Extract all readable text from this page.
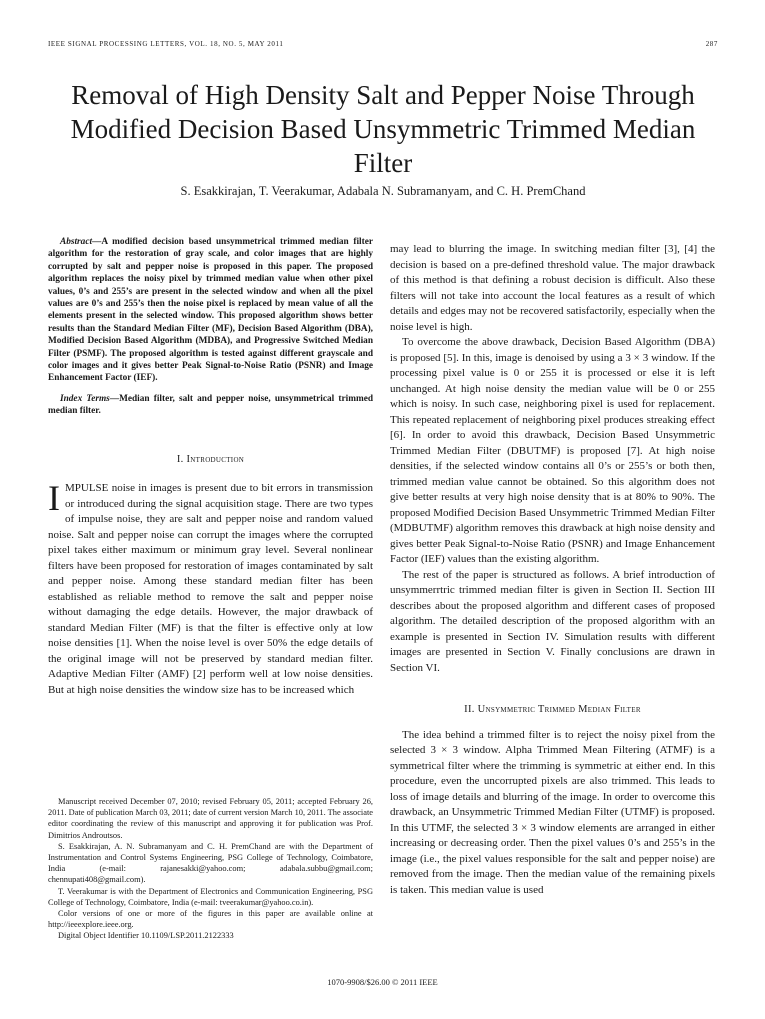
IEEE SIGNAL PROCESSING LETTERS, VOL. 18, NO. 5, MAY 2011	287
Removal of High Density Salt and Pepper Noise Through Modified Decision Based Unsymmetric Trimmed Median Filter
S. Esakkirajan, T. Veerakumar, Adabala N. Subramanyam, and C. H. PremChand

Abstract—A modified decision based unsymmetrical trimmed median filter algorithm for the restoration of gray scale, and color images that are highly corrupted by salt and pepper noise is proposed in this paper. The proposed algorithm replaces the noisy pixel by trimmed median value when other pixel values, 0’s and 255’s are present in the selected window and when all the pixel values are 0’s and 255’s then the noise pixel is replaced by mean value of all the elements present in the selected window. This proposed algorithm shows better results than the Standard Median Filter (MF), Decision Based Algorithm (DBA), Modified Decision Based Algorithm (MDBA), and Progressive Switched Median Filter (PSMF). The proposed algorithm is tested against different grayscale and color images and it gives better Peak Signal-to-Noise Ratio (PSNR) and Image Enhancement Factor (IEF).

Index Terms—Median filter, salt and pepper noise, unsymmetrical trimmed median filter.

I. Introduction

IMPULSE noise in images is present due to bit errors in transmission or introduced during the signal acquisition stage. There are two types of impulse noise, they are salt and pepper noise and random valued noise. Salt and pepper noise can corrupt the images where the corrupted pixel takes either maximum or minimum gray level. Several nonlinear filters have been proposed for restoration of images contaminated by salt and pepper noise. Among these standard median filter has been established as reliable method to remove the salt and pepper noise without damaging the edge details. However, the major drawback of standard Median Filter (MF) is that the filter is effective only at low noise densities [1]. When the noise level is over 50% the edge details of the original image will not be preserved by standard median filter. Adaptive Median Filter (AMF) [2] perform well at low noise densities. But at high noise densities the window size has to be increased which

Manuscript received December 07, 2010; revised February 05, 2011; accepted February 26, 2011. Date of publication March 03, 2011; date of current version March 10, 2011. The associate editor coordinating the review of this manuscript and approving it for publication was Prof. Dimitrios Androutsos.

S. Esakkirajan, A. N. Subramanyam and C. H. PremChand are with the Department of Instrumentation and Control Systems Engineering, PSG College of Technology, Coimbatore, India (e-mail: rajanesakki@yahoo.com; adabala.subbu@gmail.com; chennupati408@gmail.com).

T. Veerakumar is with the Department of Electronics and Communication Engineering, PSG College of Technology, Coimbatore, India (e-mail: tveerakumar@yahoo.co.in).

Color versions of one or more of the figures in this paper are available online at http://ieeexplore.ieee.org.

Digital Object Identifier 10.1109/LSP.2011.2122333

may lead to blurring the image. In switching median filter [3], [4] the decision is based on a pre-defined threshold value. The major drawback of this method is that defining a robust decision is difficult. Also these filters will not take into account the local features as a result of which details and edges may not be recovered satisfactorily, especially when the noise level is high.

To overcome the above drawback, Decision Based Algorithm (DBA) is proposed [5]. In this, image is denoised by using a 3 × 3 window. If the processing pixel value is 0 or 255 it is processed or else it is left unchanged. At high noise density the median value will be 0 or 255 which is noisy. In such case, neighboring pixel is used for replacement. This repeated replacement of neighboring pixel produces streaking effect [6]. In order to avoid this drawback, Decision Based Unsymmetric Trimmed Median Filter (DBUTMF) is proposed [7]. At high noise densities, if the selected window contains all 0’s or 255’s or both then, trimmed median value cannot be obtained. So this algorithm does not give better results at very high noise density that is at 80% to 90%. The proposed Modified Decision Based Unsymmetric Trimmed Median Filter (MDBUTMF) algorithm removes this drawback at high noise density and gives better Peak Signal-to-Noise Ratio (PSNR) and Image Enhancement Factor (IEF) values than the existing algorithm.

The rest of the paper is structured as follows. A brief introduction of unsymmerrtric trimmed median filter is given in Section II. Section III describes about the proposed algorithm and different cases of proposed algorithm. The detailed description of the proposed algorithm with an example is presented in Section IV. Simulation results with different images are presented in Section V. Finally conclusions are drawn in Section VI.

II. Unsymmetric Trimmed Median Filter

The idea behind a trimmed filter is to reject the noisy pixel from the selected 3 × 3 window. Alpha Trimmed Mean Filtering (ATMF) is a symmetrical filter where the trimming is symmetric at either end. In this procedure, even the uncorrupted pixels are also trimmed. This leads to loss of image details and blurring of the image. In order to overcome this drawback, an Unsymmetric Trimmed Median Filter (UTMF) is proposed. In this UTMF, the selected 3 × 3 window elements are arranged in either increasing or decreasing order. Then the pixel values 0’s and 255’s in the image (i.e., the pixel values responsible for the salt and pepper noise) are removed from the image. Then the median value of the remaining pixels is taken. This median value is used

1070-9908/$26.00 © 2011 IEEE
